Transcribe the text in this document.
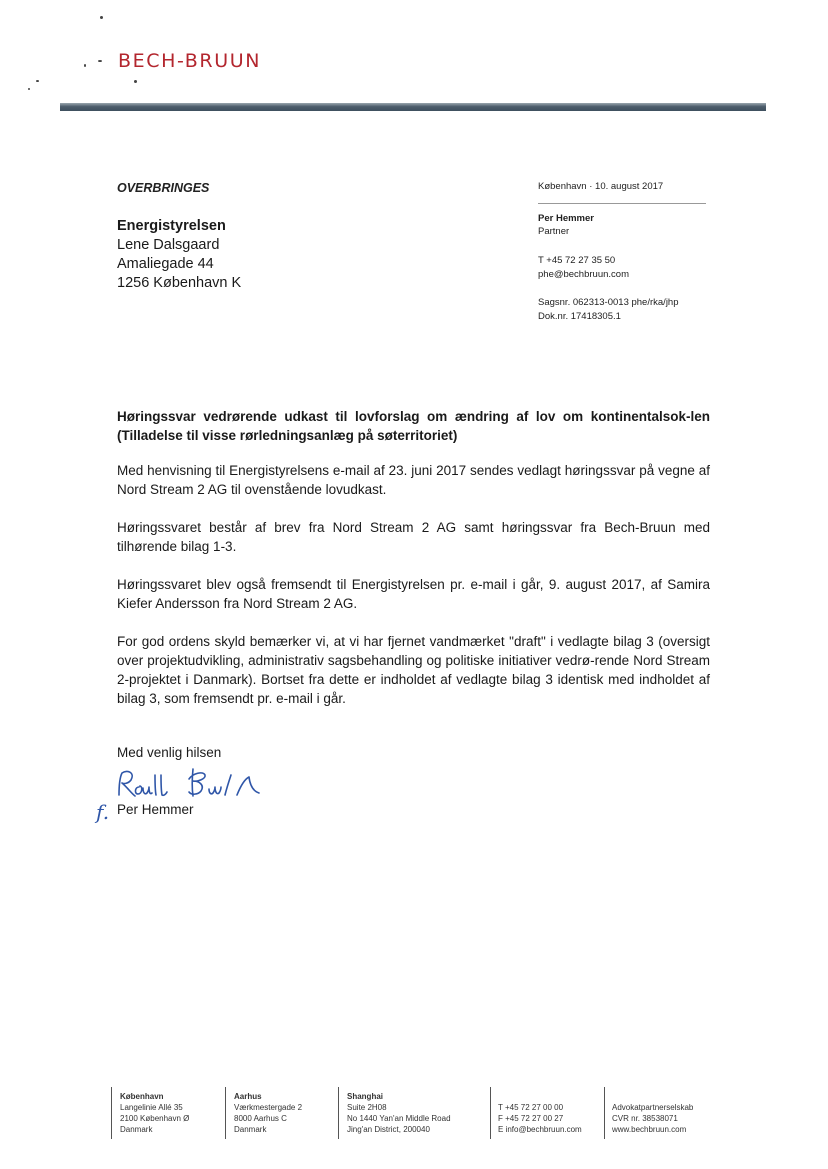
BECH-BRUUN
OVERBRINGES
Energistyrelsen
Lene Dalsgaard
Amaliegade 44
1256 København K
København · 10. august 2017
Per Hemmer
Partner
T +45 72 27 35 50
phe@bechbruun.com
Sagsnr. 062313-0013 phe/rka/jhp
Dok.nr. 17418305.1
Høringssvar vedrørende udkast til lovforslag om ændring af lov om kontinentalsok-len (Tilladelse til visse rørledningsanlæg på søterritoriet)

Med henvisning til Energistyrelsens e-mail af 23. juni 2017 sendes vedlagt høringssvar på vegne af Nord Stream 2 AG til ovenstående lovudkast.

Høringssvaret består af brev fra Nord Stream 2 AG samt høringssvar fra Bech-Bruun med tilhørende bilag 1-3.

Høringssvaret blev også fremsendt til Energistyrelsen pr. e-mail i går, 9. august 2017, af Samira Kiefer Andersson fra Nord Stream 2 AG.

For god ordens skyld bemærker vi, at vi har fjernet vandmærket "draft" i vedlagte bilag 3 (oversigt over projektudvikling, administrativ sagsbehandling og politiske initiativer vedrø-rende Nord Stream 2-projektet i Danmark). Bortset fra dette er indholdet af vedlagte bilag 3 identisk med indholdet af bilag 3, som fremsendt pr. e-mail i går.

Med venlig hilsen
f. Per Hemmer
København
Langelinie Allé 35
2100 København Ø
Danmark
Aarhus
Værkmestergade 2
8000 Aarhus C
Danmark
Shanghai
Suite 2H08
No 1440 Yan'an Middle Road
Jing'an District, 200040
T +45 72 27 00 00
F +45 72 27 00 27
E info@bechbruun.com
Advokatpartnerselskab
CVR nr. 38538071
www.bechbruun.com
